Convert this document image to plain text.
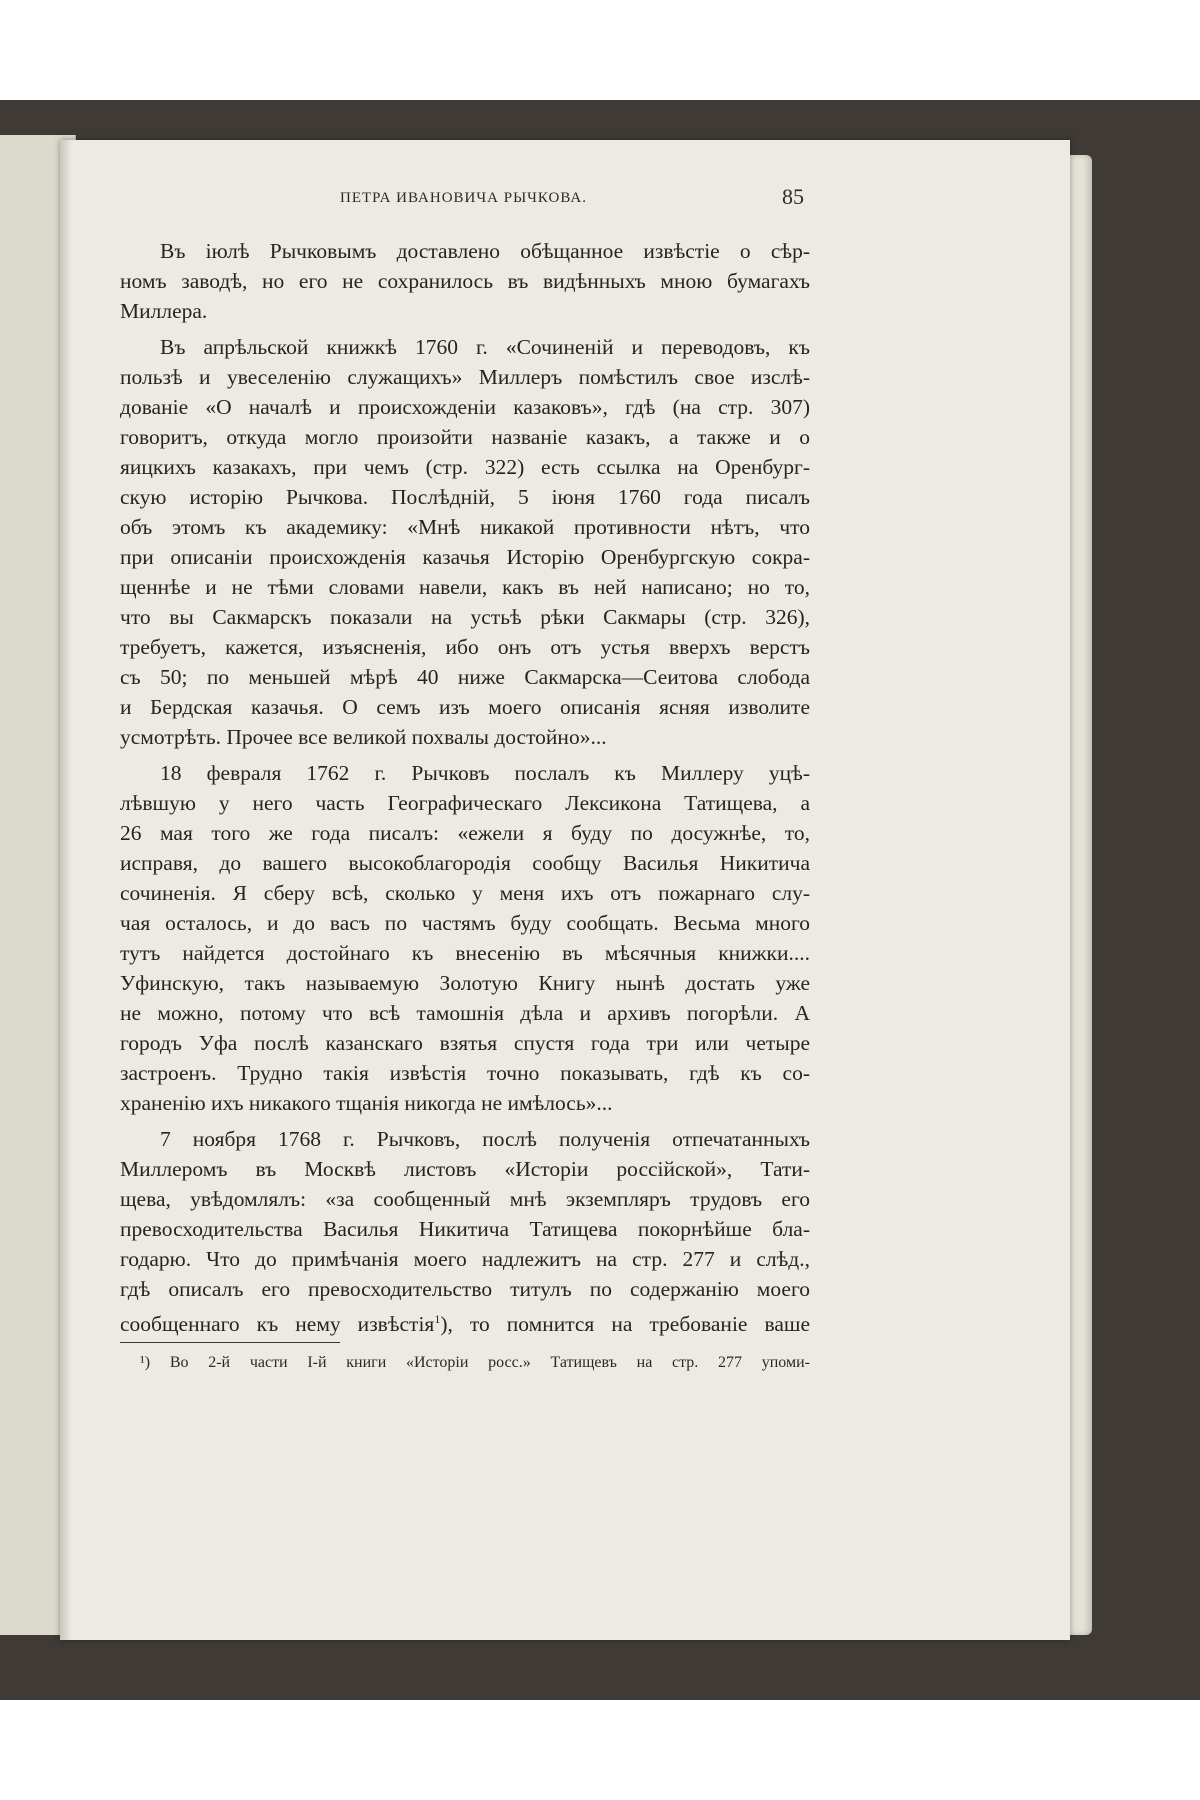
ПЕТРА ИВАНОВИЧА РЫЧКОВА.	85
Въ іюлѣ Рычковымъ доставлено обѣщанное извѣстіе о сѣр-
номъ заводѣ, но его не сохранилось въ видѣнныхъ мною бумагахъ
Миллера.
Въ апрѣльской книжкѣ 1760 г. «Сочиненій и переводовъ, къ
пользѣ и увеселенію служащихъ» Миллеръ помѣстилъ свое изслѣ-
дованіе «О началѣ и происхожденіи казаковъ», гдѣ (на стр. 307)
говоритъ, откуда могло произойти названіе казакъ, а также и о
яицкихъ казакахъ, при чемъ (стр. 322) есть ссылка на Оренбург-
скую исторію Рычкова. Послѣдній, 5 іюня 1760 года писалъ
объ этомъ къ академику: «Мнѣ никакой противности нѣтъ, что
при описаніи происхожденія казачья Исторію Оренбургскую сокра-
щеннѣе и не тѣми словами навели, какъ въ ней написано; но то,
что вы Сакмарскъ показали на устьѣ рѣки Сакмары (стр. 326),
требуетъ, кажется, изъясненія, ибо онъ отъ устья вверхъ верстъ
съ 50; по меньшей мѣрѣ 40 ниже Сакмарска—Сеитова слобода
и Бердская казачья. О семъ изъ моего описанія ясняя изволите
усмотрѣть. Прочее все великой похвалы достойно»...
18 февраля 1762 г. Рычковъ послалъ къ Миллеру уцѣ-
лѣвшую у него часть Географическаго Лексикона Татищева, а
26 мая того же года писалъ: «ежели я буду по досужнѣе, то,
исправя, до вашего высокоблагородія сообщу Василья Никитича
сочиненія. Я сберу всѣ, сколько у меня ихъ отъ пожарнаго слу-
чая осталось, и до васъ по частямъ буду сообщать. Весьма много
тутъ найдется достойнаго къ внесенію въ мѣсячныя книжки....
Уфинскую, такъ называемую Золотую Книгу нынѣ достать уже
не можно, потому что всѣ тамошнія дѣла и архивъ погорѣли. А
городъ Уфа послѣ казанскаго взятья спустя года три или четыре
застроенъ. Трудно такія извѣстія точно показывать, гдѣ къ со-
храненію ихъ никакого тщанія никогда не имѣлось»...
7 ноября 1768 г. Рычковъ, послѣ полученія отпечатанныхъ
Миллеромъ въ Москвѣ листовъ «Исторіи россійской», Тати-
щева, увѣдомлялъ: «за сообщенный мнѣ экземпляръ трудовъ его
превосходительства Василья Никитича Татищева покорнѣйше бла-
годарю. Что до примѣчанія моего надлежитъ на стр. 277 и слѣд.,
гдѣ описалъ его превосходительство титулъ по содержанію моего
сообщеннаго къ нему извѣстія$^1$), то помнится на требованіе ваше
¹) Во 2-й части І-й книги «Исторіи росс.» Татищевъ на стр. 277 упоми-
